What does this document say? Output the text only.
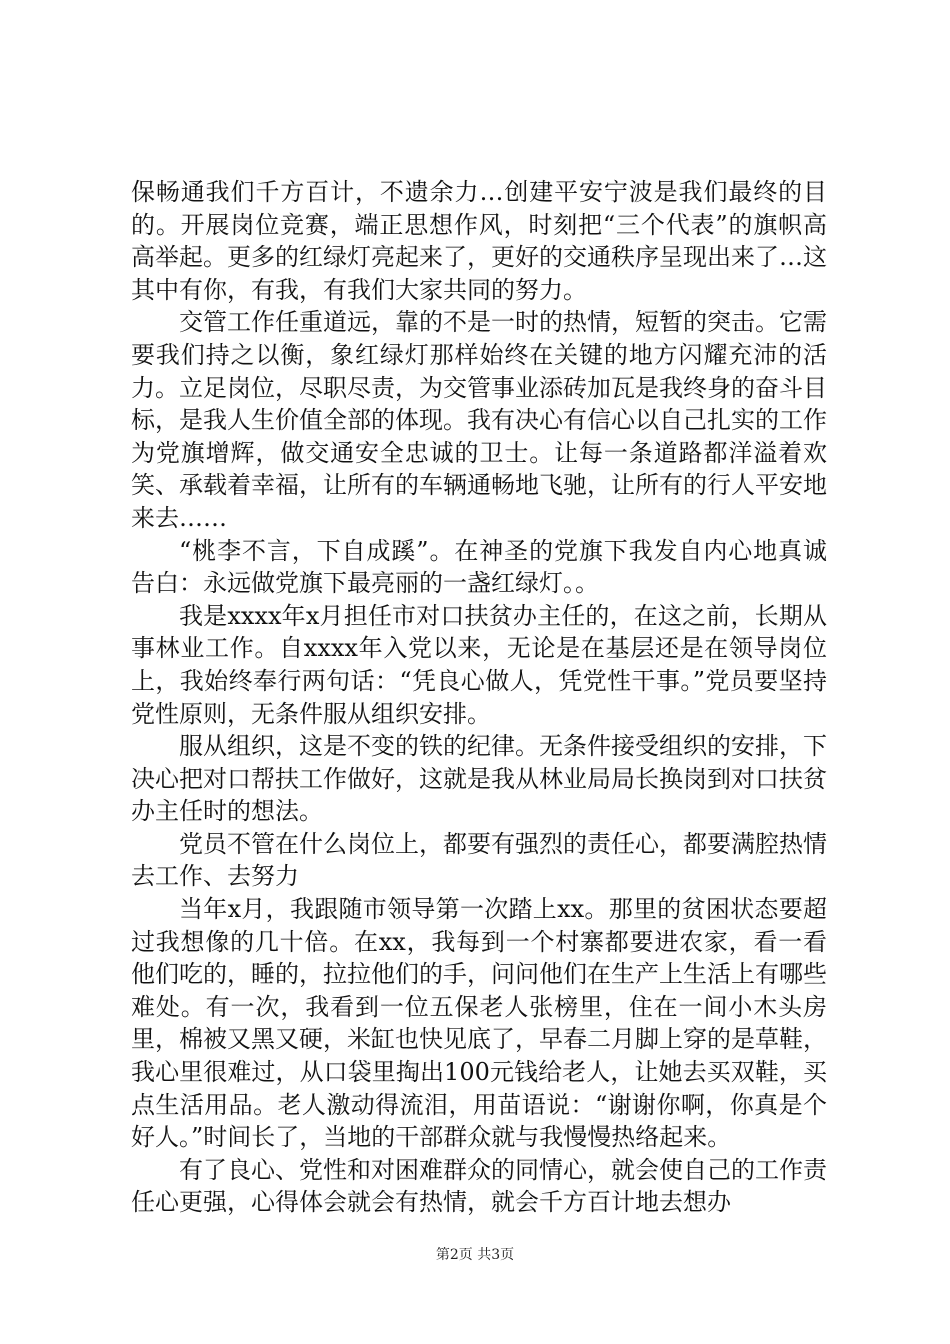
保畅通我们千方百计，不遗余力…创建平安宁波是我们最终的目的。开展岗位竞赛，端正思想作风，时刻把“三个代表”的旗帜高高举起。更多的红绿灯亮起来了，更好的交通秩序呈现出来了…这其中有你，有我，有我们大家共同的努力。

交管工作任重道远，靠的不是一时的热情，短暂的突击。它需要我们持之以衡，象红绿灯那样始终在关键的地方闪耀充沛的活力。立足岗位，尽职尽责，为交管事业添砖加瓦是我终身的奋斗目标，是我人生价值全部的体现。我有决心有信心以自己扎实的工作为党旗增辉，做交通安全忠诚的卫士。让每一条道路都洋溢着欢笑、承载着幸福，让所有的车辆通畅地飞驰，让所有的行人平安地来去……

“桃李不言，下自成蹊”。在神圣的党旗下我发自内心地真诚告白：永远做党旗下最亮丽的一盏红绿灯。。

我是xxxx年x月担任市对口扶贫办主任的，在这之前，长期从事林业工作。自xxxx年入党以来，无论是在基层还是在领导岗位上，我始终奉行两句话：“凭良心做人，凭党性干事。”党员要坚持党性原则，无条件服从组织安排。

服从组织，这是不变的铁的纪律。无条件接受组织的安排，下决心把对口帮扶工作做好，这就是我从林业局局长换岗到对口扶贫办主任时的想法。

党员不管在什么岗位上，都要有强烈的责任心，都要满腔热情去工作、去努力

当年x月，我跟随市领导第一次踏上xx。那里的贫困状态要超过我想像的几十倍。在xx，我每到一个村寨都要进农家，看一看他们吃的，睡的，拉拉他们的手，问问他们在生产上生活上有哪些难处。有一次，我看到一位五保老人张榜里，住在一间小木头房里，棉被又黑又硬，米缸也快见底了，早春二月脚上穿的是草鞋，我心里很难过，从口袋里掏出100元钱给老人，让她去买双鞋，买点生活用品。老人激动得流泪，用苗语说：“谢谢你啊，你真是个好人。”时间长了，当地的干部群众就与我慢慢热络起来。

有了良心、党性和对困难群众的同情心，就会使自己的工作责任心更强，心得体会就会有热情，就会千方百计地去想办

第2页 共3页
